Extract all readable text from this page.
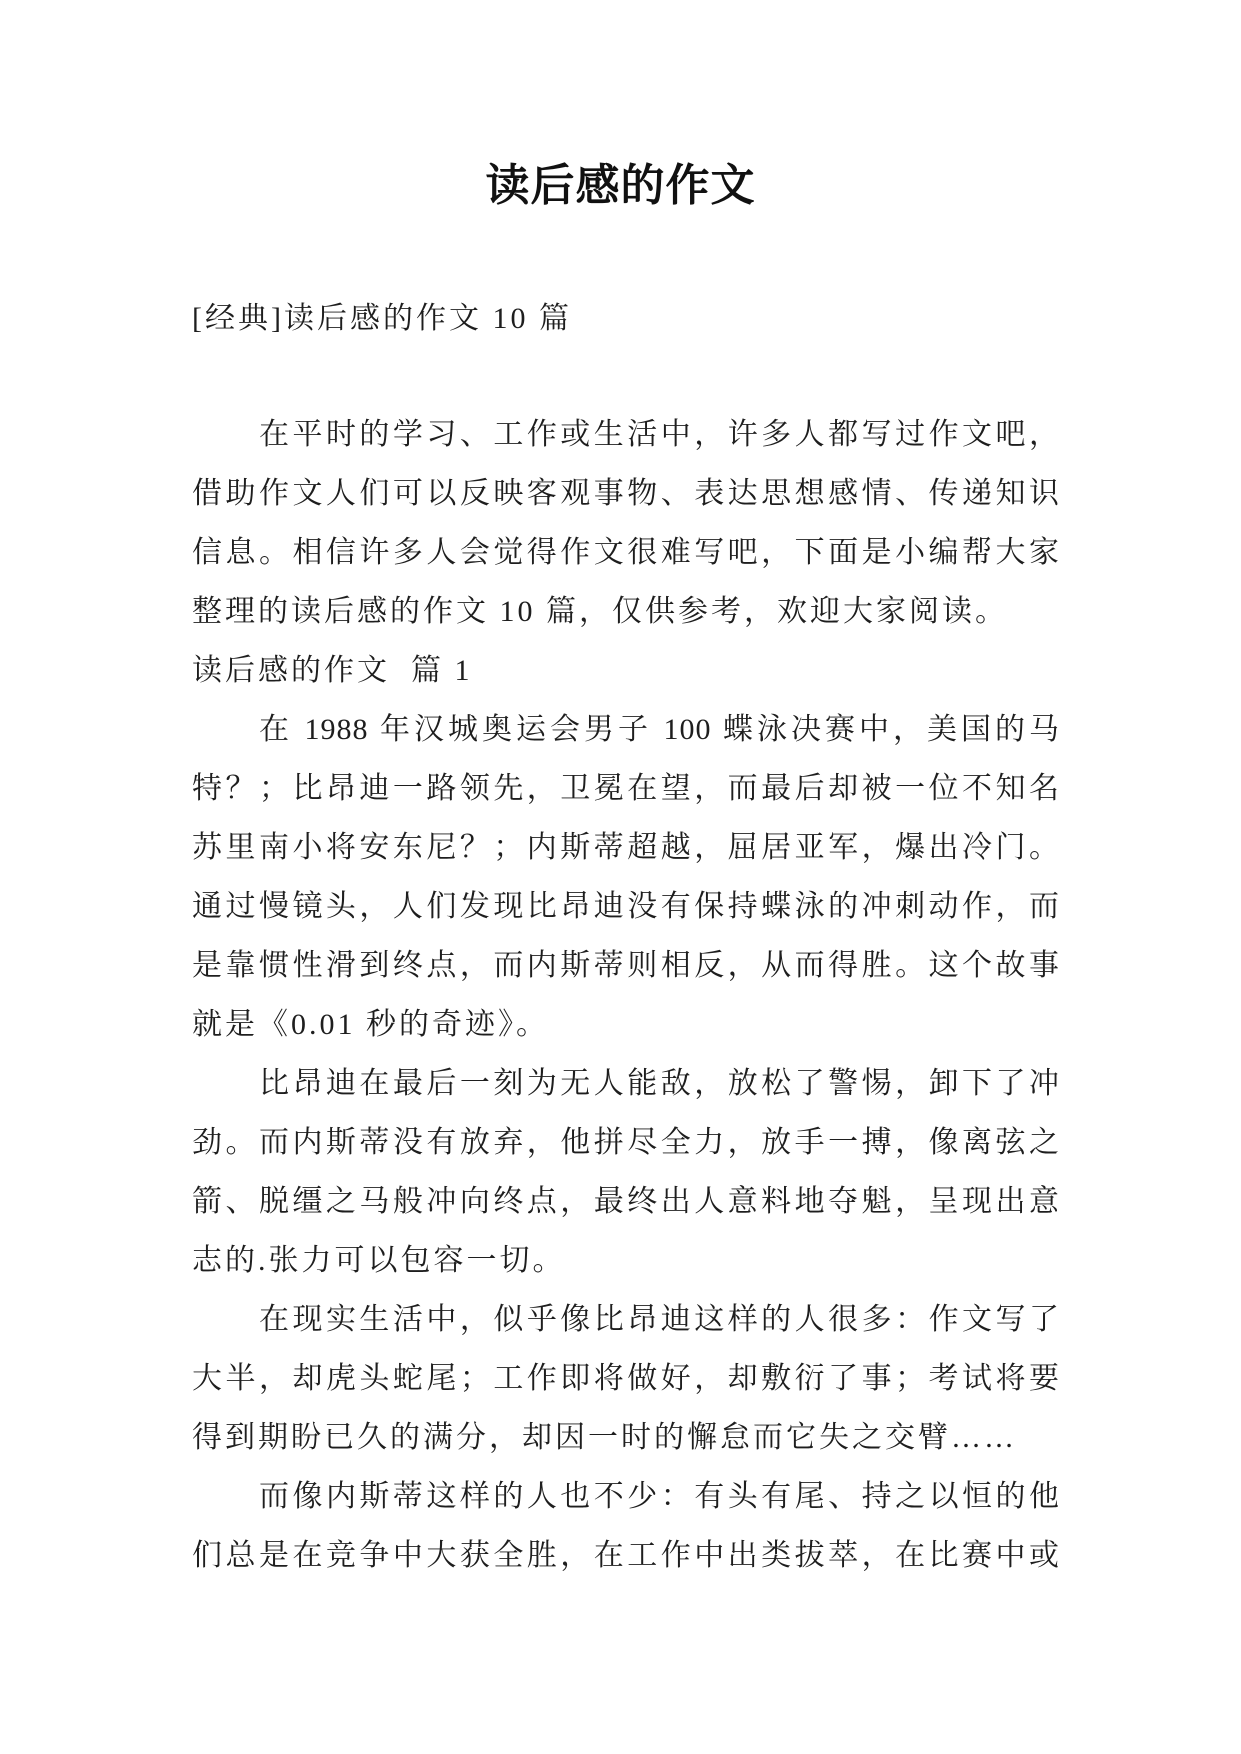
读后感的作文
[经典]读后感的作文 10 篇
在平时的学习、工作或生活中，许多人都写过作文吧，
借助作文人们可以反映客观事物、表达思想感情、传递知识
信息。相信许多人会觉得作文很难写吧，下面是小编帮大家
整理的读后感的作文 10 篇，仅供参考，欢迎大家阅读。
读后感的作文  篇 1
在 1988 年汉城奥运会男子 100 蝶泳决赛中，美国的马
特？；比昂迪一路领先，卫冕在望，而最后却被一位不知名
苏里南小将安东尼？；内斯蒂超越，屈居亚军，爆出冷门。
通过慢镜头，人们发现比昂迪没有保持蝶泳的冲刺动作，而
是靠惯性滑到终点，而内斯蒂则相反，从而得胜。这个故事
就是《0.01 秒的奇迹》。
比昂迪在最后一刻为无人能敌，放松了警惕，卸下了冲
劲。而内斯蒂没有放弃，他拼尽全力，放手一搏，像离弦之
箭、脱缰之马般冲向终点，最终出人意料地夺魁，呈现出意
志的.张力可以包容一切。
在现实生活中，似乎像比昂迪这样的人很多：作文写了
大半，却虎头蛇尾；工作即将做好，却敷衍了事；考试将要
得到期盼已久的满分，却因一时的懈怠而它失之交臂……
而像内斯蒂这样的人也不少：有头有尾、持之以恒的他
们总是在竞争中大获全胜，在工作中出类拔萃，在比赛中或
